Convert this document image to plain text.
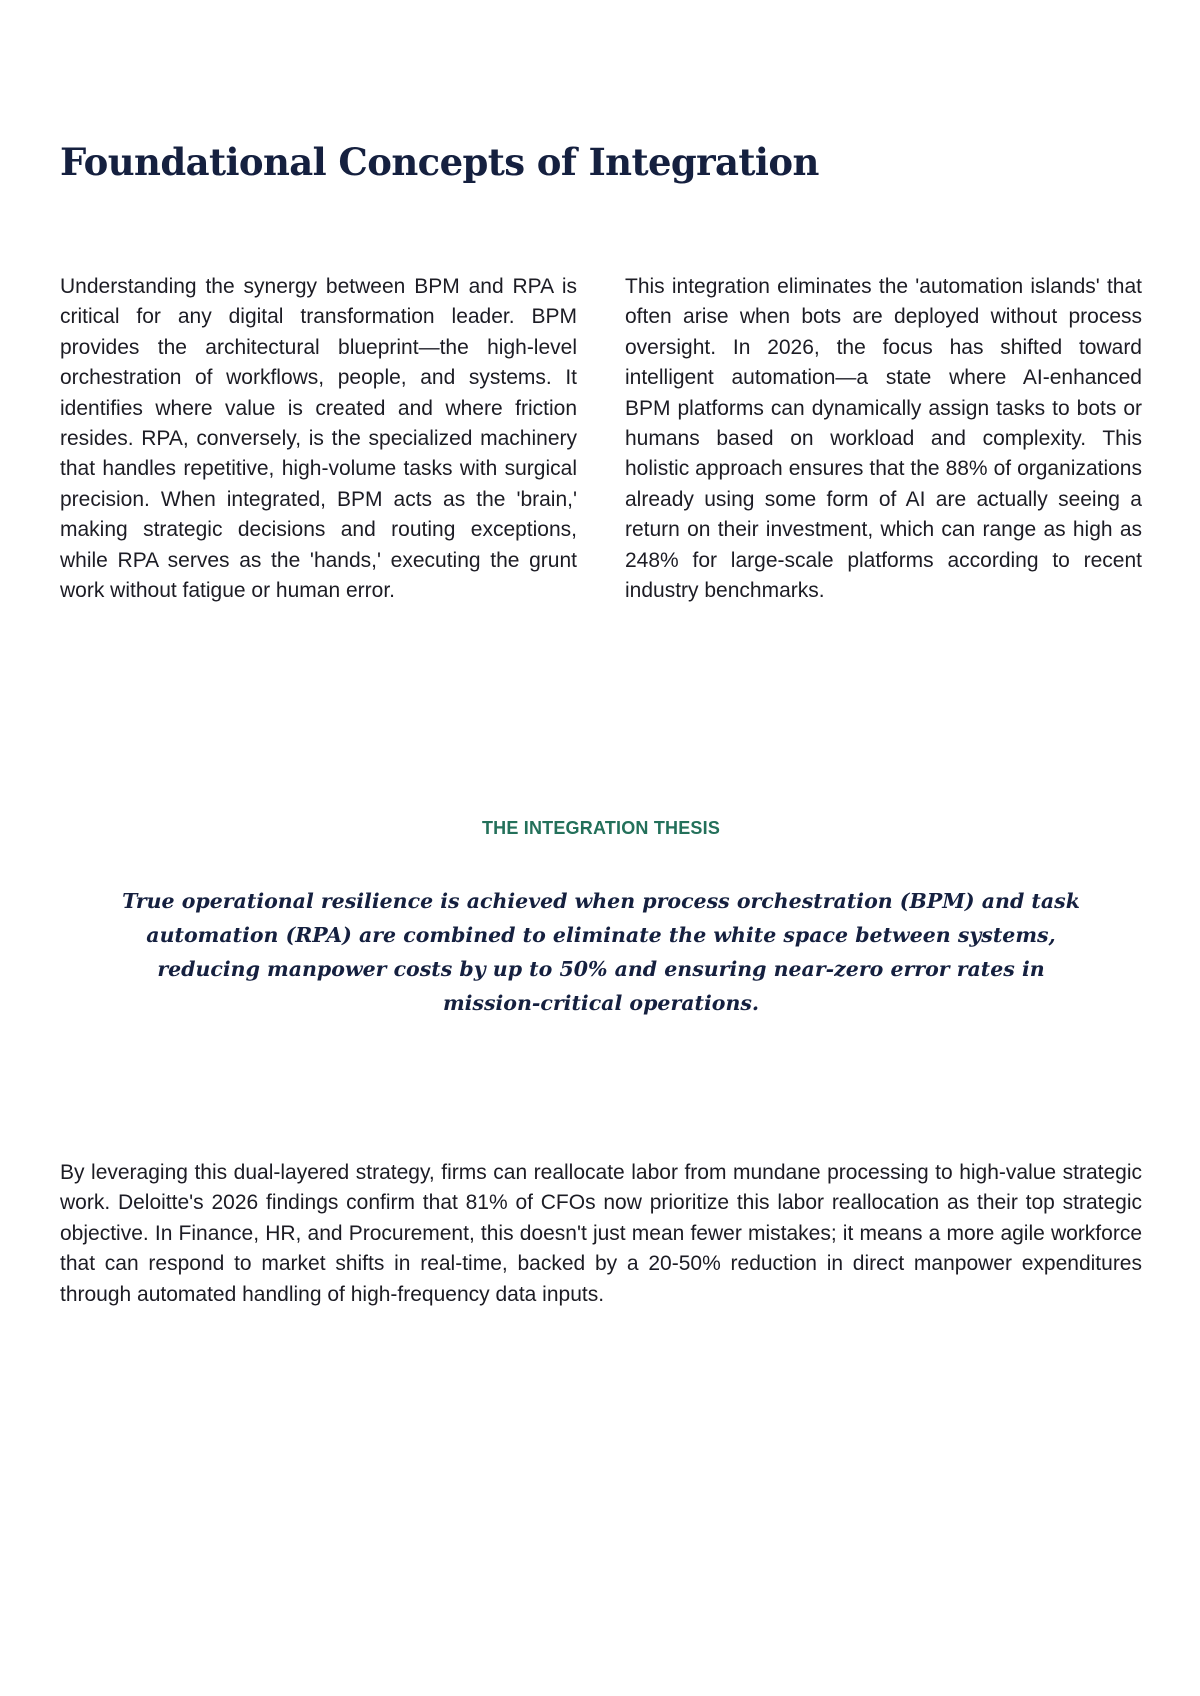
Foundational Concepts of Integration

Understanding the synergy between BPM and RPA is critical for any digital transformation leader. BPM provides the architectural blueprint—the high-level orchestration of workflows, people, and systems. It identifies where value is created and where friction resides. RPA, conversely, is the specialized machinery that handles repetitive, high-volume tasks with surgical precision. When integrated, BPM acts as the 'brain,' making strategic decisions and routing exceptions, while RPA serves as the 'hands,' executing the grunt work without fatigue or human error.

This integration eliminates the 'automation islands' that often arise when bots are deployed without process oversight. In 2026, the focus has shifted toward intelligent automation—a state where AI-enhanced BPM platforms can dynamically assign tasks to bots or humans based on workload and complexity. This holistic approach ensures that the 88% of organizations already using some form of AI are actually seeing a return on their investment, which can range as high as 248% for large-scale platforms according to recent industry benchmarks.

THE INTEGRATION THESIS

True operational resilience is achieved when process orchestration (BPM) and task automation (RPA) are combined to eliminate the white space between systems, reducing manpower costs by up to 50% and ensuring near-zero error rates in mission-critical operations.

By leveraging this dual-layered strategy, firms can reallocate labor from mundane processing to high-value strategic work. Deloitte's 2026 findings confirm that 81% of CFOs now prioritize this labor reallocation as their top strategic objective. In Finance, HR, and Procurement, this doesn't just mean fewer mistakes; it means a more agile workforce that can respond to market shifts in real-time, backed by a 20-50% reduction in direct manpower expenditures through automated handling of high-frequency data inputs.
